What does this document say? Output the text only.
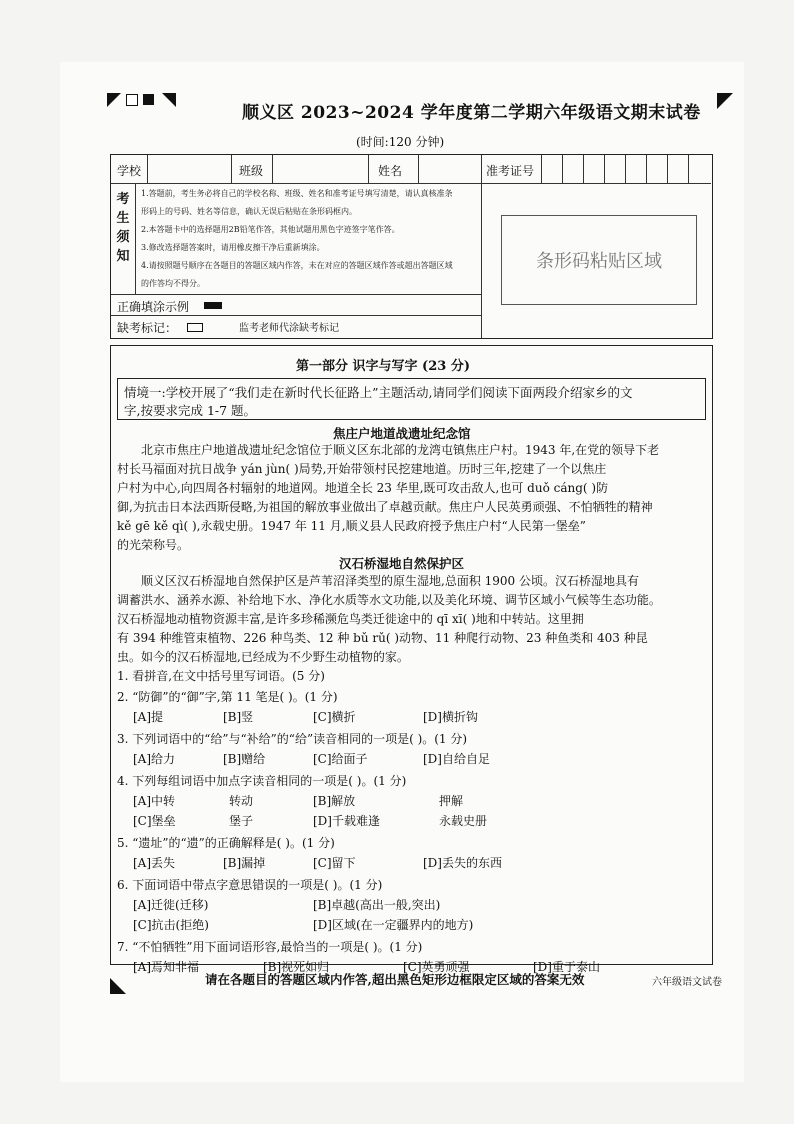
顺义区 2023~2024 学年度第二学期六年级语文期末试卷
(时间:120 分钟)
学校	班级	姓名	准考证号
考
生
须
知
1.答题前，考生务必将自己的学校名称、班级、姓名和准考证号填写清楚，请认真核准条
形码上的号码、姓名等信息，确认无误后粘贴在条形码框内。
2.本答题卡中的选择题用2B铅笔作答，其他试题用黑色字迹签字笔作答。
3.修改选择题答案时，请用橡皮擦干净后重新填涂。
4.请按照题号顺序在各题目的答题区域内作答，未在对应的答题区域作答或超出答题区域
的作答均不得分。
正确填涂示例
缺考标记：	监考老师代涂缺考标记
条形码粘贴区域
第一部分 识字与写字 (23 分)
情境一:学校开展了“我们走在新时代长征路上”主题活动,请同学们阅读下面两段介绍家乡的文
字,按要求完成 1-7 题。
焦庄户地道战遗址纪念馆
北京市焦庄户地道战遗址纪念馆位于顺义区东北部的龙湾屯镇焦庄户村。1943 年,在党的领导下老
村长马福面对抗日战争 yán jùn( )局势,开始带领村民挖建地道。历时三年,挖建了一个以焦庄
户村为中心,向四周各村辐射的地道网。地道全长 23 华里,既可攻击敌人,也可 duǒ cáng( )防
御,为抗击日本法西斯侵略,为祖国的解放事业做出了卓越贡献。焦庄户人民英勇顽强、不怕牺牲的精神
kě gē kě qì( ),永载史册。1947 年 11 月,顺义县人民政府授予焦庄户村“人民第一堡垒”
的光荣称号。
汉石桥湿地自然保护区
顺义区汉石桥湿地自然保护区是芦苇沼泽类型的原生湿地,总面积 1900 公顷。汉石桥湿地具有
调蓄洪水、涵养水源、补给地下水、净化水质等水文功能,以及美化环境、调节区域小气候等生态功能。
汉石桥湿地动植物资源丰富,是许多珍稀濒危鸟类迁徙途中的 qī xī( )地和中转站。这里拥
有 394 种维管束植物、226 种鸟类、12 种 bǔ rǔ( )动物、11 种爬行动物、23 种鱼类和 403 种昆
虫。如今的汉石桥湿地,已经成为不少野生动植物的家。
1. 看拼音,在文中括号里写词语。(5 分)
2. “防御”的“御”字,第 11 笔是( )。(1 分)
[A]提	[B]竖	[C]横折	[D]横折钩
3. 下列词语中的“给”与“补给”的“给”读音相同的一项是( )。(1 分)
[A]给力	[B]赠给	[C]给面子	[D]自给自足
4. 下列每组词语中加点字读音相同的一项是( )。(1 分)
[A]中转	转动	[B]解放	押解
[C]堡垒	堡子	[D]千载难逢	永载史册
5. “遗址”的“遗”的正确解释是( )。(1 分)
[A]丢失	[B]漏掉	[C]留下	[D]丢失的东西
6. 下面词语中带点字意思错误的一项是( )。(1 分)
[A]迁徙(迁移)	[B]卓越(高出一般,突出)
[C]抗击(拒绝)	[D]区域(在一定疆界内的地方)
7. “不怕牺牲”用下面词语形容,最恰当的一项是( )。(1 分)
[A]焉知非福	[B]视死如归	[C]英勇顽强	[D]重于泰山
请在各题目的答题区域内作答,超出黑色矩形边框限定区域的答案无效	六年级语文试卷
